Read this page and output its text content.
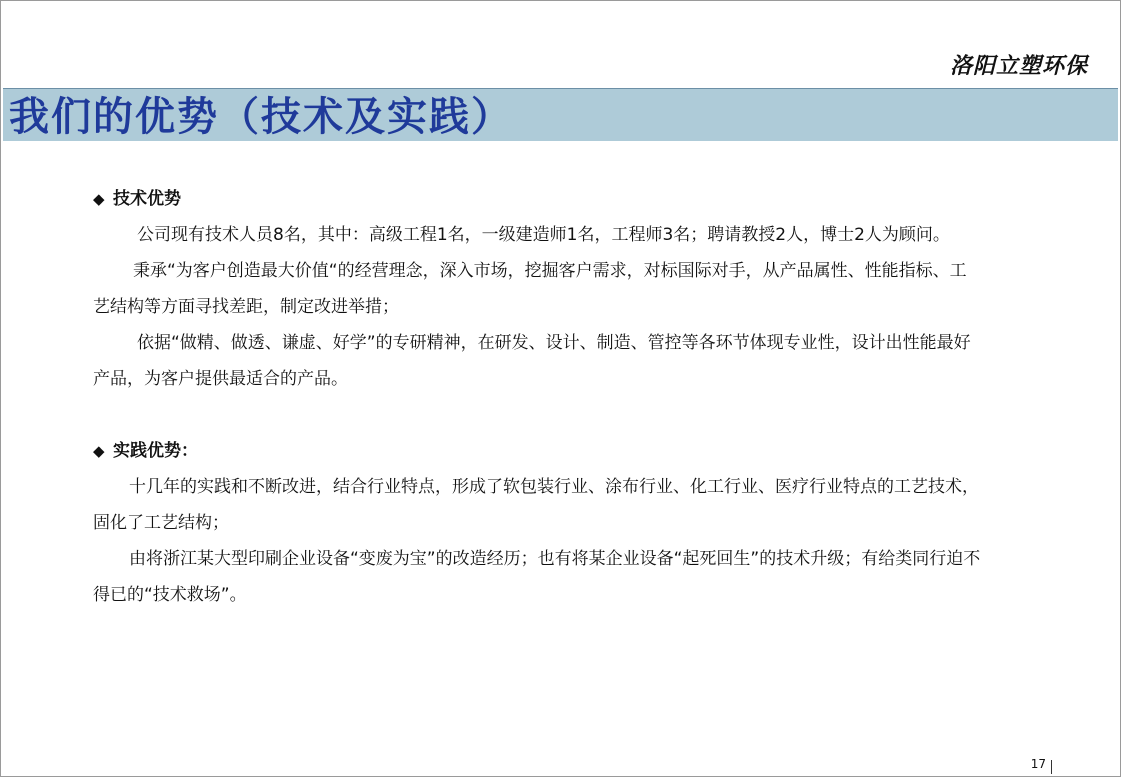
洛阳立塑环保
我们的优势（技术及实践）
◆ 技术优势

公司现有技术人员8名，其中：高级工程1名，一级建造师1名，工程师3名；聘请教授2人，博士2人为顾问。

秉承“为客户创造最大价值“的经营理念，深入市场，挖掘客户需求，对标国际对手，从产品属性、性能指标、工艺结构等方面寻找差距，制定改进举措；

依据“做精、做透、谦虚、好学”的专研精神，在研发、设计、制造、管控等各环节体现专业性，设计出性能最好产品，为客户提供最适合的产品。

◆ 实践优势：

十几年的实践和不断改进，结合行业特点，形成了软包装行业、涂布行业、化工行业、医疗行业特点的工艺技术，固化了工艺结构；

由将浙江某大型印刷企业设备“变废为宝”的改造经历；也有将某企业设备“起死回生”的技术升级；有给类同行迫不得已的“技术救场”。

17
